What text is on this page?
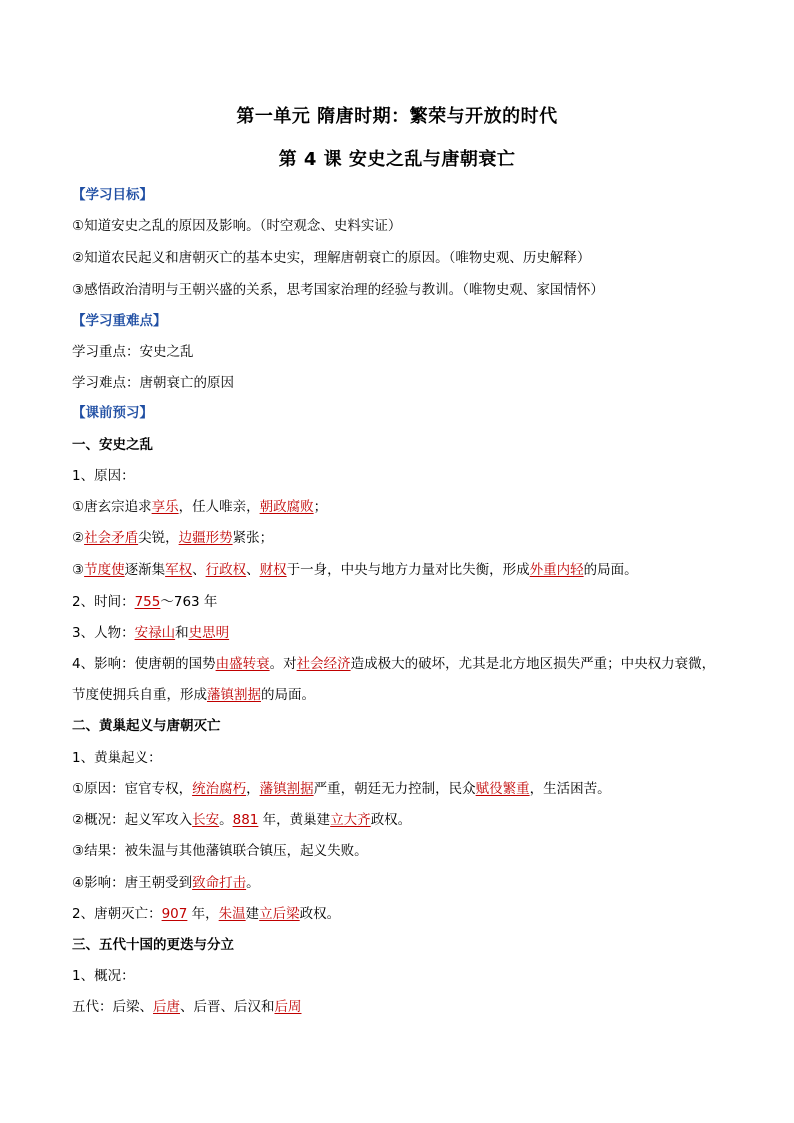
第一单元 隋唐时期：繁荣与开放的时代
第 4 课 安史之乱与唐朝衰亡
【学习目标】
①知道安史之乱的原因及影响。（时空观念、史料实证）
②知道农民起义和唐朝灭亡的基本史实，理解唐朝衰亡的原因。（唯物史观、历史解释）
③感悟政治清明与王朝兴盛的关系，思考国家治理的经验与教训。（唯物史观、家国情怀）
【学习重难点】
学习重点：安史之乱
学习难点：唐朝衰亡的原因
【课前预习】
一、安史之乱
1、原因：
①唐玄宗追求享乐，任人唯亲，朝政腐败；
②社会矛盾尖锐，边疆形势紧张；
③节度使逐渐集军权、行政权、财权于一身，中央与地方力量对比失衡，形成外重内轻的局面。
2、时间：755～763 年
3、人物：安禄山和史思明
4、影响：使唐朝的国势由盛转衰。对社会经济造成极大的破坏，尤其是北方地区损失严重；中央权力衰微，
节度使拥兵自重，形成藩镇割据的局面。
二、黄巢起义与唐朝灭亡
1、黄巢起义：
①原因：宦官专权，统治腐朽，藩镇割据严重，朝廷无力控制，民众赋役繁重，生活困苦。
②概况：起义军攻入长安。881 年，黄巢建立大齐政权。
③结果：被朱温与其他藩镇联合镇压，起义失败。
④影响：唐王朝受到致命打击。
2、唐朝灭亡：907 年，朱温建立后梁政权。
三、五代十国的更迭与分立
1、概况：
五代：后梁、后唐、后晋、后汉和后周
